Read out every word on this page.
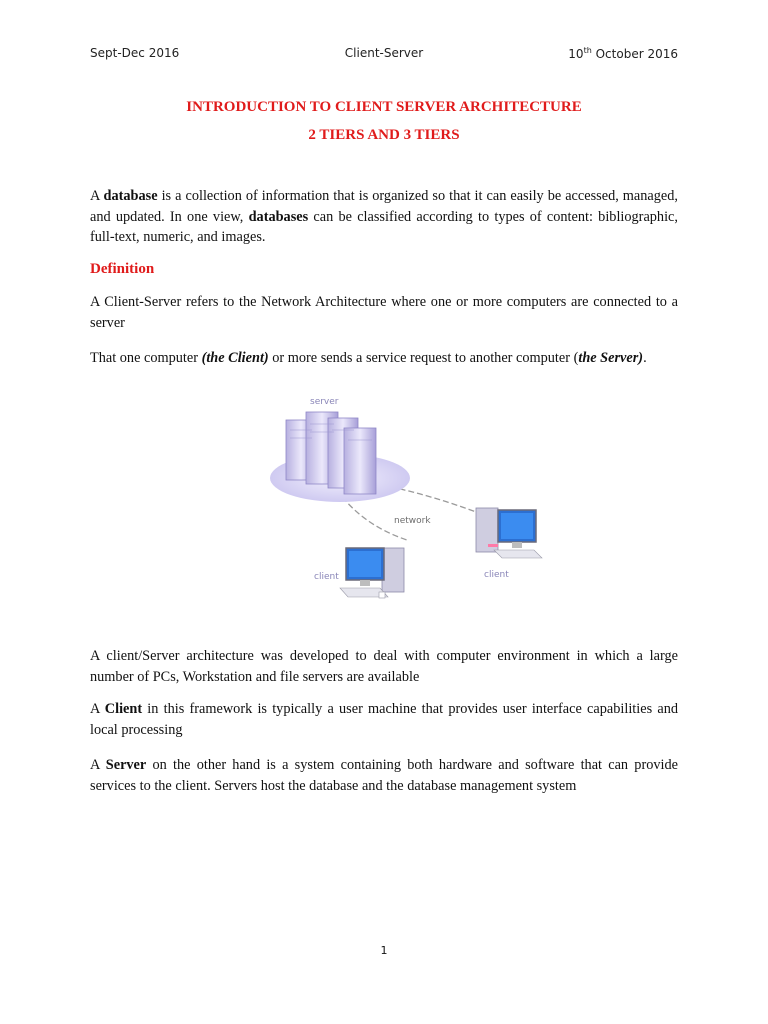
Sept-Dec 2016	Client-Server	10th October 2016
INTRODUCTION TO CLIENT SERVER ARCHITECTURE
2 TIERS AND 3 TIERS
A database is a collection of information that is organized so that it can easily be accessed, managed, and updated. In one view, databases can be classified according to types of content: bibliographic, full-text, numeric, and images.
Definition
A Client-Server refers to the Network Architecture where one or more computers are connected to a server
That one computer (the Client) or more sends a service request to another computer (the Server).
server
network
client
client
A client/Server architecture was developed to deal with computer environment in which a large number of PCs, Workstation and file servers are available
A Client in this framework is typically a user machine that provides user interface capabilities and local processing
A Server on the other hand is a system containing both hardware and software that can provide services to the client. Servers host the database and the database management system
1
